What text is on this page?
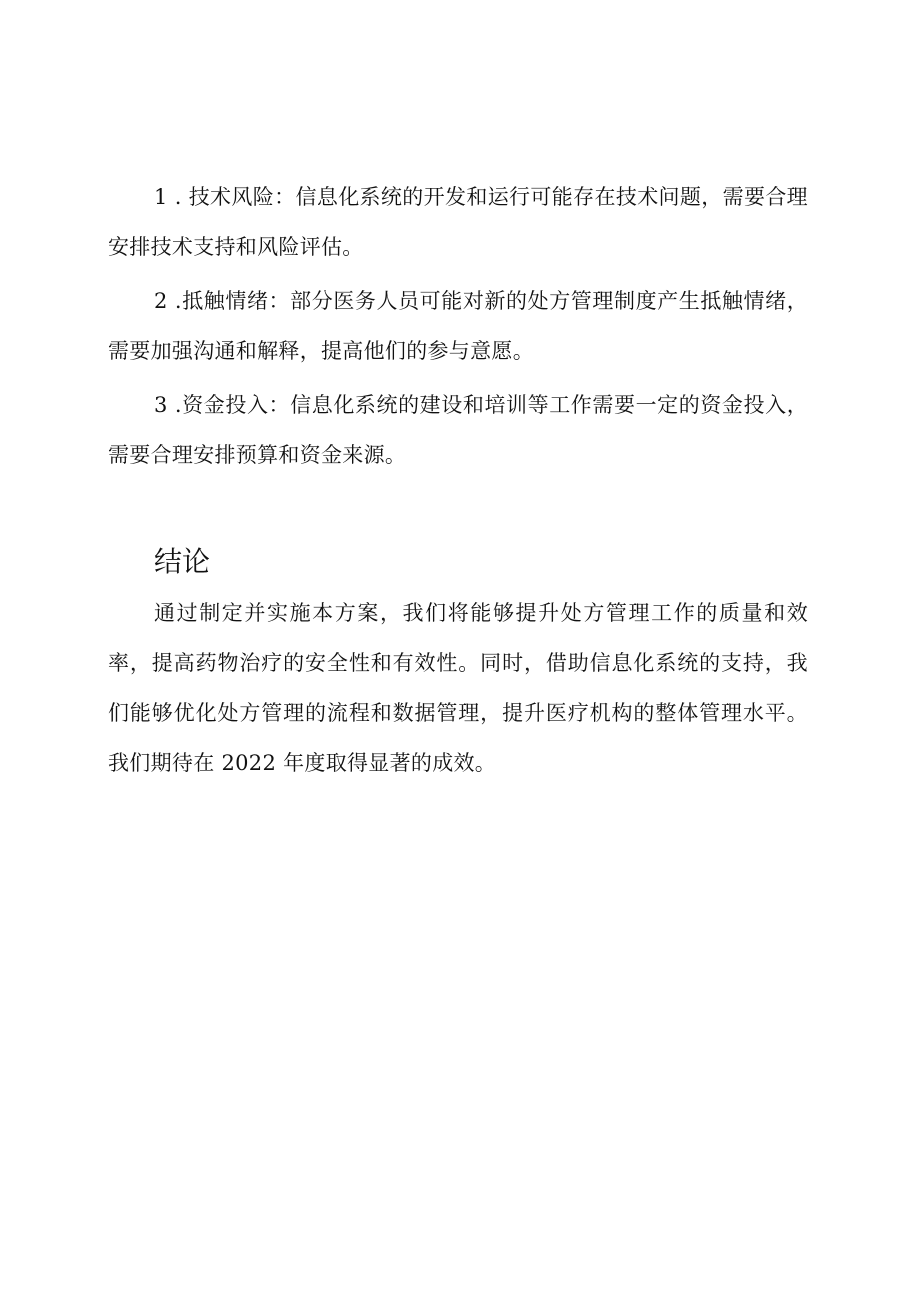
1 . 技术风险：信息化系统的开发和运行可能存在技术问题，需要合理安排技术支持和风险评估。

2 .抵触情绪：部分医务人员可能对新的处方管理制度产生抵触情绪，需要加强沟通和解释，提高他们的参与意愿。

3 .资金投入：信息化系统的建设和培训等工作需要一定的资金投入，需要合理安排预算和资金来源。

结论

通过制定并实施本方案，我们将能够提升处方管理工作的质量和效率，提高药物治疗的安全性和有效性。同时，借助信息化系统的支持，我们能够优化处方管理的流程和数据管理，提升医疗机构的整体管理水平。我们期待在 2022 年度取得显著的成效。
